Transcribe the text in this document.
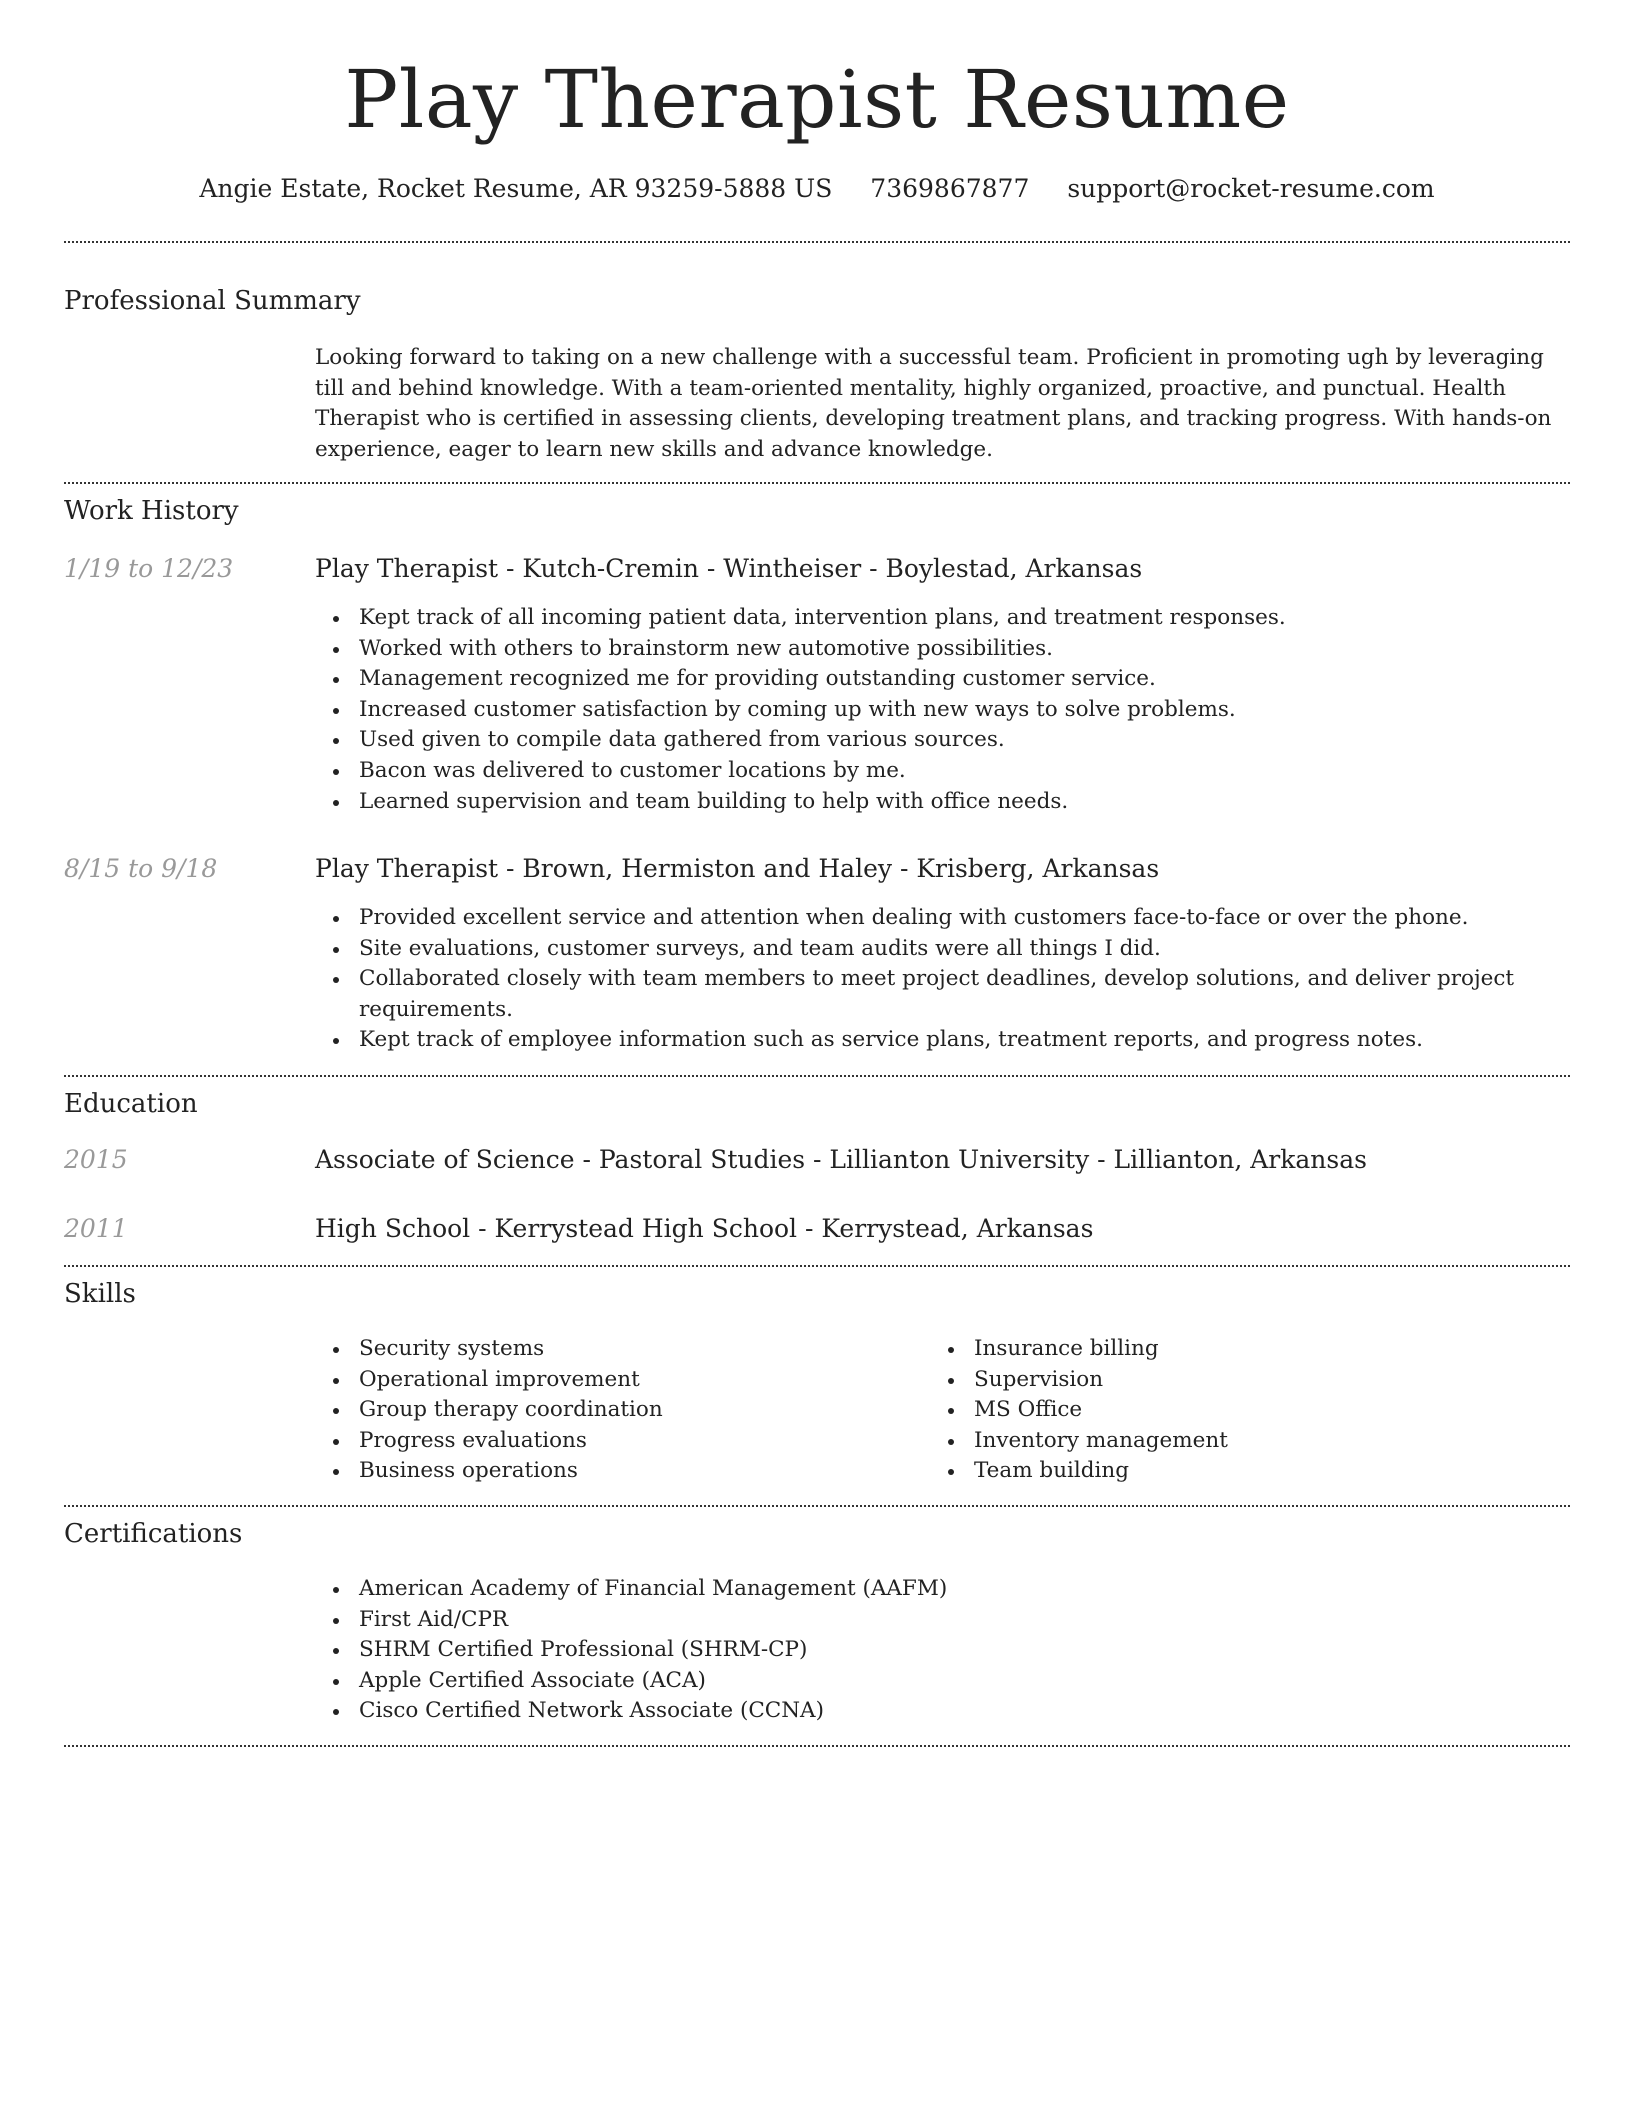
Play Therapist Resume
Angie Estate, Rocket Resume, AR 93259-5888 US 7369867877 support@rocket-resume.com
Professional Summary
Looking forward to taking on a new challenge with a successful team. Proficient in promoting ugh by leveraging till and behind knowledge. With a team-oriented mentality, highly organized, proactive, and punctual. Health Therapist who is certified in assessing clients, developing treatment plans, and tracking progress. With hands-on experience, eager to learn new skills and advance knowledge.
Work History
1/19 to 12/23	Play Therapist - Kutch-Cremin - Wintheiser - Boylestad, Arkansas
Kept track of all incoming patient data, intervention plans, and treatment responses.
Worked with others to brainstorm new automotive possibilities.
Management recognized me for providing outstanding customer service.
Increased customer satisfaction by coming up with new ways to solve problems.
Used given to compile data gathered from various sources.
Bacon was delivered to customer locations by me.
Learned supervision and team building to help with office needs.
8/15 to 9/18	Play Therapist - Brown, Hermiston and Haley - Krisberg, Arkansas
Provided excellent service and attention when dealing with customers face-to-face or over the phone.
Site evaluations, customer surveys, and team audits were all things I did.
Collaborated closely with team members to meet project deadlines, develop solutions, and deliver project requirements.
Kept track of employee information such as service plans, treatment reports, and progress notes.
Education
2015	Associate of Science - Pastoral Studies - Lillianton University - Lillianton, Arkansas
2011	High School - Kerrystead High School - Kerrystead, Arkansas
Skills
Security systems
Operational improvement
Group therapy coordination
Progress evaluations
Business operations
Insurance billing
Supervision
MS Office
Inventory management
Team building
Certifications
American Academy of Financial Management (AAFM)
First Aid/CPR
SHRM Certified Professional (SHRM-CP)
Apple Certified Associate (ACA)
Cisco Certified Network Associate (CCNA)
